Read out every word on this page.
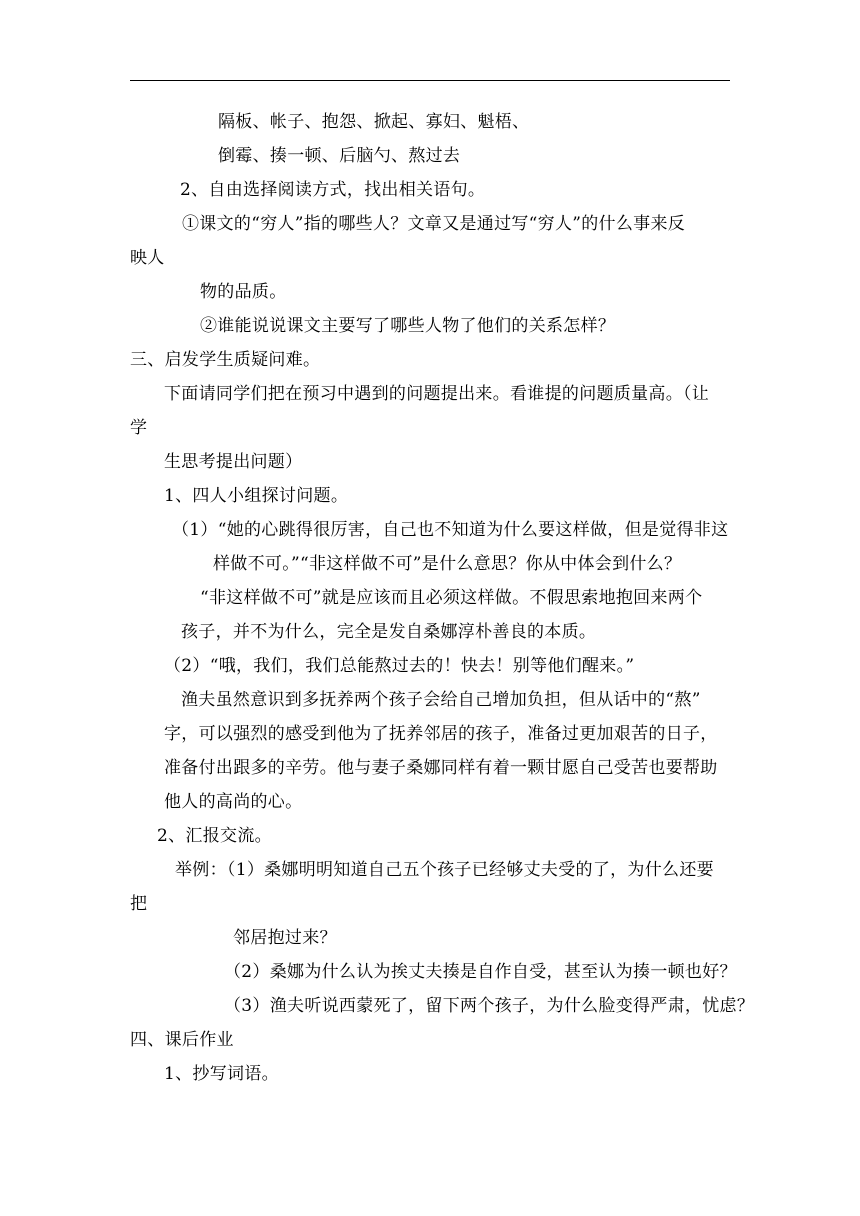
隔板、帐子、抱怨、掀起、寡妇、魁梧、
倒霉、揍一顿、后脑勺、熬过去
2、自由选择阅读方式，找出相关语句。
①课文的“穷人”指的哪些人？文章又是通过写“穷人”的什么事来反
映人
物的品质。
②谁能说说课文主要写了哪些人物了他们的关系怎样？
三、启发学生质疑问难。
下面请同学们把在预习中遇到的问题提出来。看谁提的问题质量高。（让
学
生思考提出问题）
1、四人小组探讨问题。
（1）“她的心跳得很厉害，自己也不知道为什么要这样做，但是觉得非这
样做不可。”“非这样做不可”是什么意思？你从中体会到什么？
“非这样做不可”就是应该而且必须这样做。不假思索地抱回来两个
孩子，并不为什么，完全是发自桑娜淳朴善良的本质。
（2）“哦，我们，我们总能熬过去的！快去！别等他们醒来。”
渔夫虽然意识到多抚养两个孩子会给自己增加负担，但从话中的“熬”
字，可以强烈的感受到他为了抚养邻居的孩子，准备过更加艰苦的日子，
准备付出跟多的辛劳。他与妻子桑娜同样有着一颗甘愿自己受苦也要帮助
他人的高尚的心。
2、汇报交流。
举例：（1）桑娜明明知道自己五个孩子已经够丈夫受的了，为什么还要
把
邻居抱过来？
（2）桑娜为什么认为挨丈夫揍是自作自受，甚至认为揍一顿也好？
（3）渔夫听说西蒙死了，留下两个孩子，为什么脸变得严肃，忧虑？
四、课后作业
1、抄写词语。
